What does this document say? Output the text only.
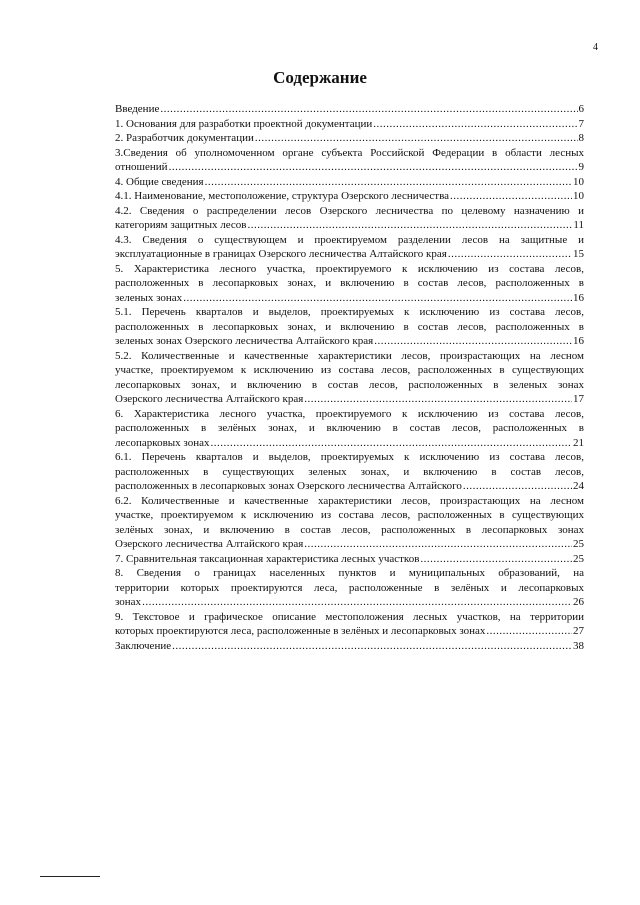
4
Содержание
Введение .....	6
1. Основания для разработки проектной документации .....	7
2. Разработчик документации .....	8
3.Сведения об уполномоченном органе субъекта Российской Федерации в области лесных
отношений .....	9
4. Общие сведения .....	10
4.1. Наименование, местоположение, структура Озерского лесничества .....	10
4.2. Сведения о распределении лесов Озерского лесничества по целевому назначению и
категориям защитных лесов .....	11
4.3. Сведения о существующем и проектируемом разделении лесов на защитные и
эксплуатационные в границах Озерского лесничества Алтайского края .....	15
5. Характеристика лесного участка, проектируемого к исключению из состава лесов,
расположенных в лесопарковых зонах, и включению в состав лесов, расположенных в
зеленых зонах .....	16
5.1. Перечень кварталов и выделов, проектируемых к исключению из состава лесов,
расположенных в лесопарковых зонах, и включению в состав лесов, расположенных в
зеленых зонах Озерского лесничества Алтайского края .....	16
5.2. Количественные и качественные характеристики лесов, произрастающих на лесном
участке, проектируемом к исключению из состава лесов, расположенных в существующих
лесопарковых зонах, и включению в состав лесов, расположенных в зеленых зонах
Озерского лесничества Алтайского края .....	17
6. Характеристика лесного участка, проектируемого к исключению из состава лесов,
расположенных в зелёных зонах, и включению в состав лесов, расположенных в
лесопарковых зонах .....	21
6.1. Перечень кварталов и выделов, проектируемых к исключению из состава лесов,
расположенных в существующих зеленых зонах, и включению в состав лесов,
расположенных в лесопарковых зонах Озерского лесничества Алтайского .....	24
6.2. Количественные и качественные характеристики лесов, произрастающих на лесном
участке, проектируемом к исключению из состава лесов, расположенных в существующих
зелёных зонах, и включению в состав лесов, расположенных в лесопарковых зонах
Озерского лесничества Алтайского края .....	25
7. Сравнительная таксационная характеристика лесных участков .....	25
8. Сведения о границах населенных пунктов и муниципальных образований, на
территории которых проектируются леса, расположенные в зелёных и лесопарковых
зонах .....	26
9. Текстовое и графическое описание местоположения лесных участков, на территории
которых проектируются леса, расположенные в зелёных и лесопарковых зонах .....	27
Заключение .....	38
